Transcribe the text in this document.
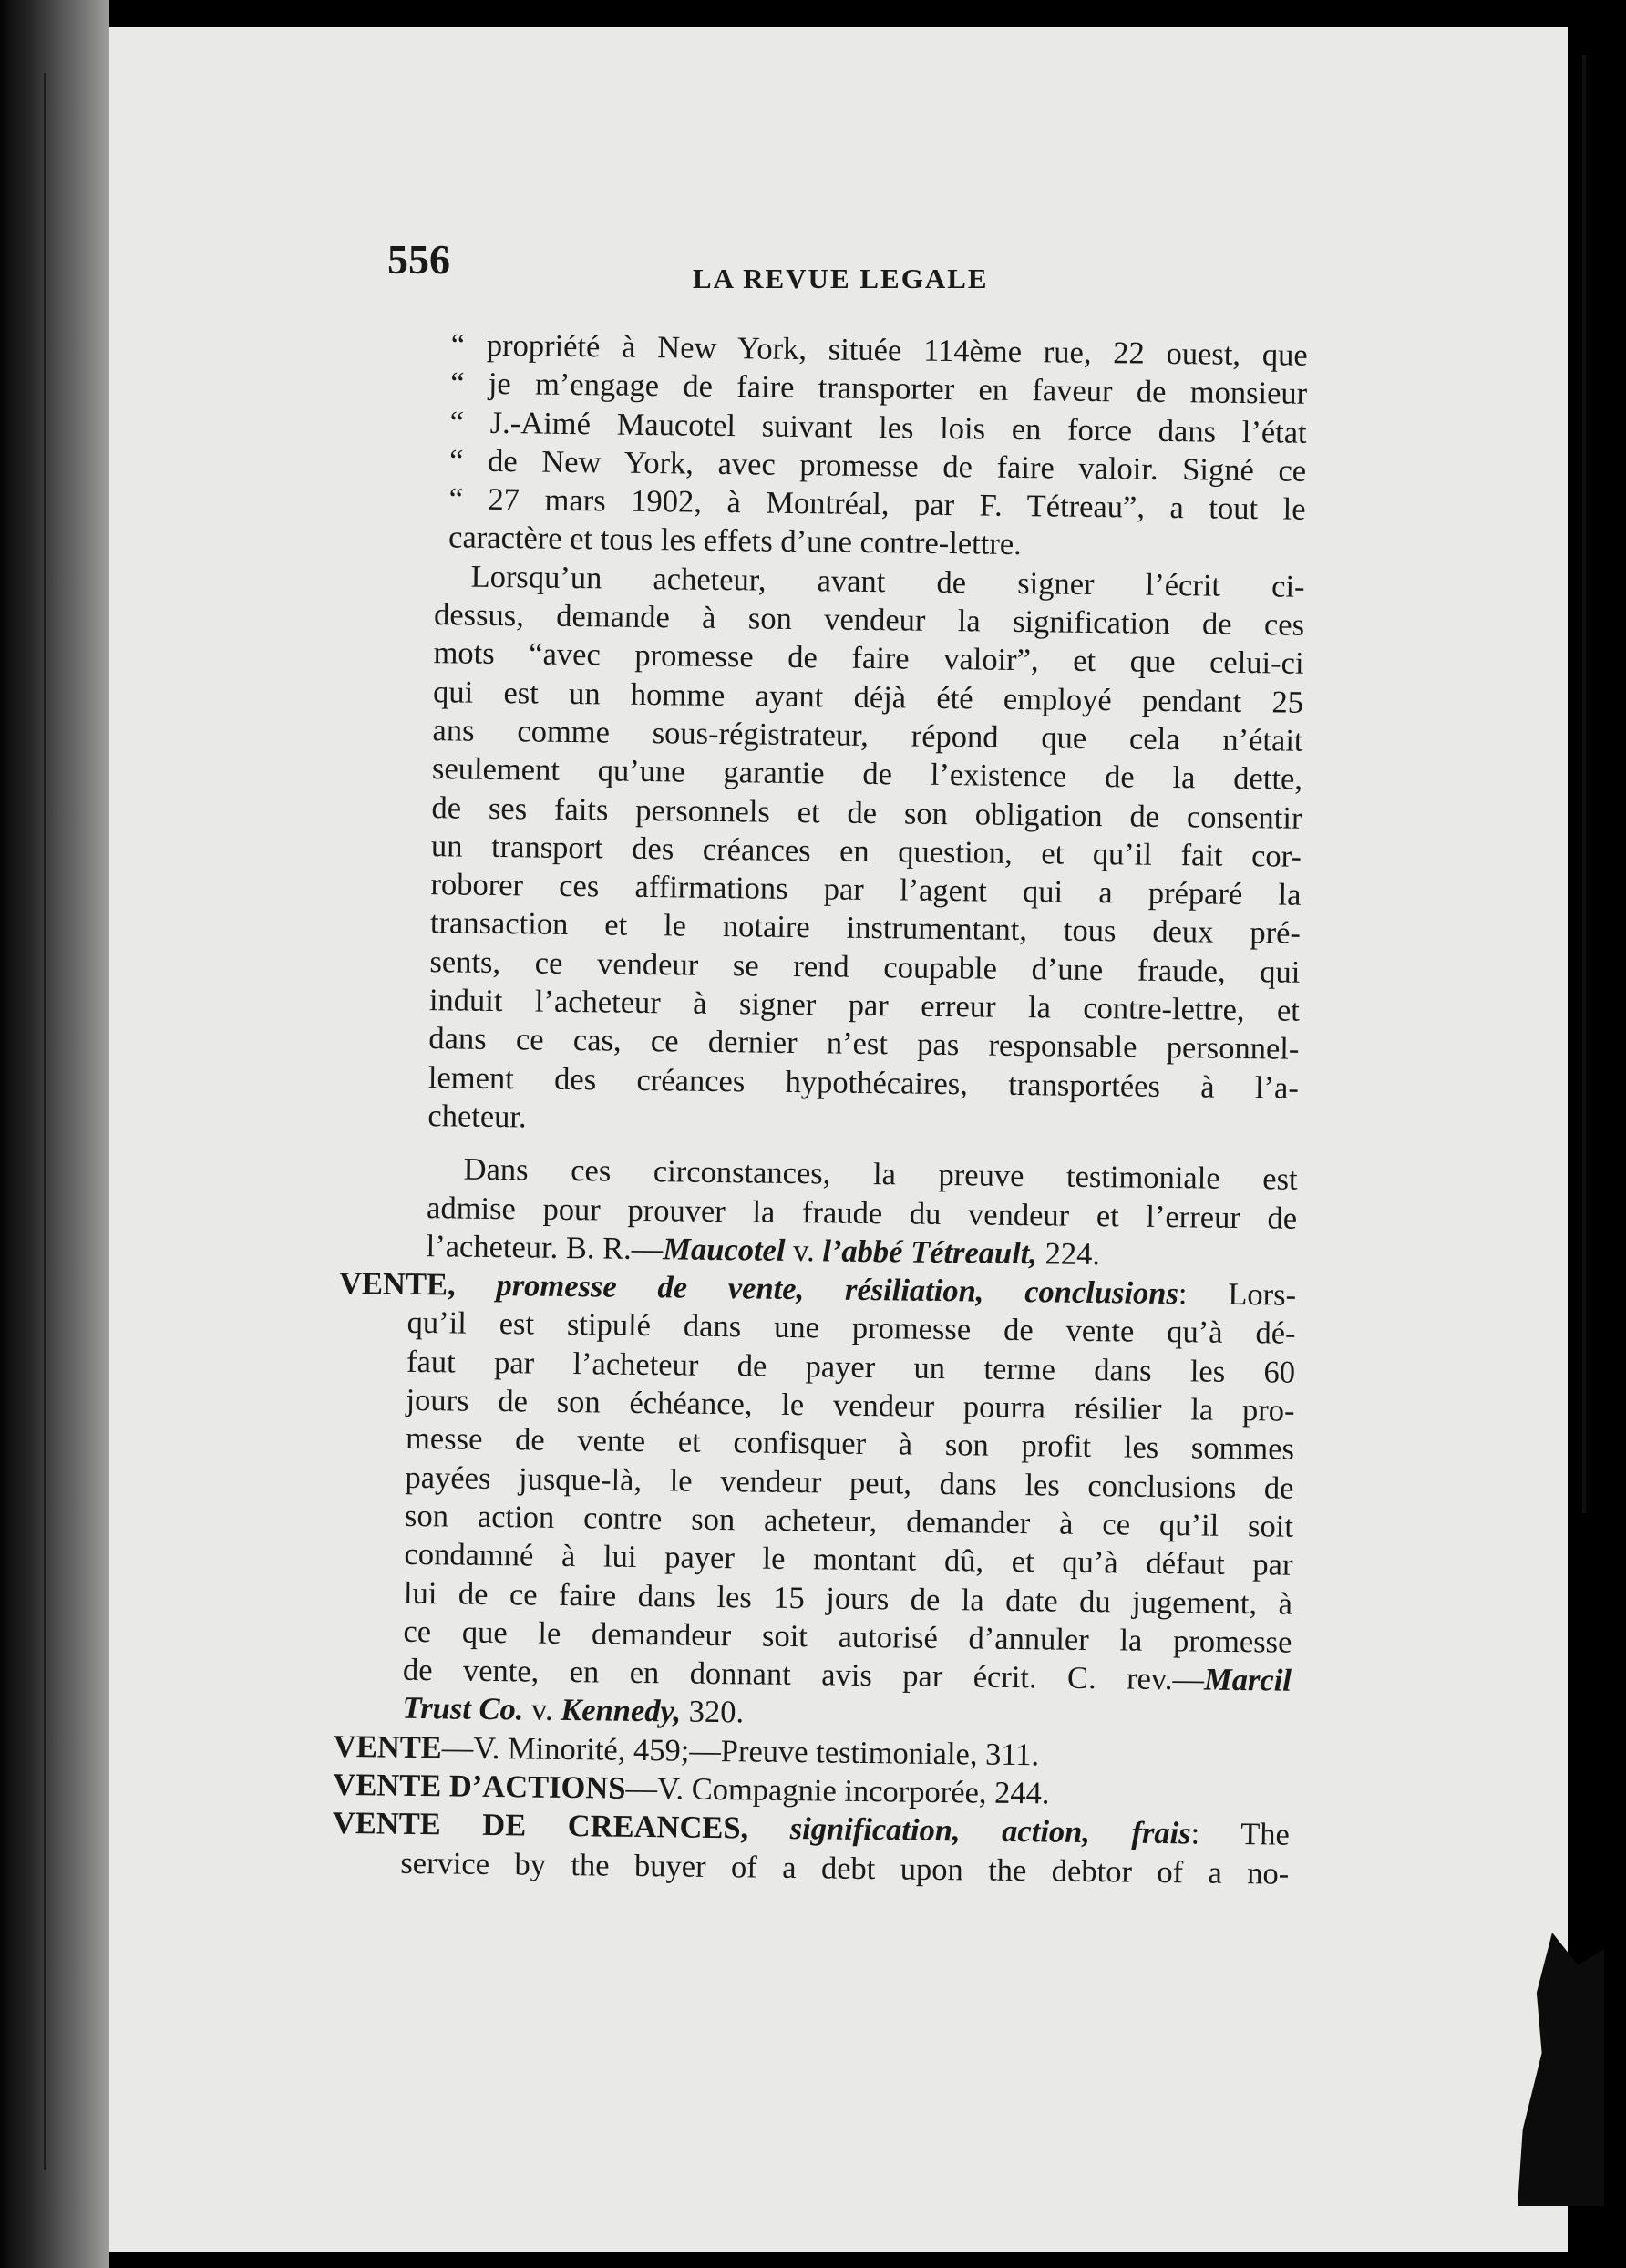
556	LA REVUE LEGALE
“ propriété à New York, située 114ème rue, 22 ouest, que
“ je m’engage de faire transporter en faveur de monsieur
“ J.-Aimé Maucotel suivant les lois en force dans l’état
“ de New York, avec promesse de faire valoir. Signé ce
“ 27 mars 1902, à Montréal, par F. Tétreau”, a tout le
caractère et tous les effets d’une contre-lettre.
Lorsqu’un acheteur, avant de signer l’écrit ci-
dessus, demande à son vendeur la signification de ces
mots “avec promesse de faire valoir”, et que celui-ci
qui est un homme ayant déjà été employé pendant 25
ans comme sous-régistrateur, répond que cela n’était
seulement qu’une garantie de l’existence de la dette,
de ses faits personnels et de son obligation de consentir
un transport des créances en question, et qu’il fait cor-
roborer ces affirmations par l’agent qui a préparé la
transaction et le notaire instrumentant, tous deux pré-
sents, ce vendeur se rend coupable d’une fraude, qui
induit l’acheteur à signer par erreur la contre-lettre, et
dans ce cas, ce dernier n’est pas responsable personnel-
lement des créances hypothécaires, transportées à l’a-
cheteur.
Dans ces circonstances, la preuve testimoniale est
admise pour prouver la fraude du vendeur et l’erreur de
l’acheteur. B. R.—Maucotel v. l’abbé Tétreault, 224.
VENTE, promesse de vente, résiliation, conclusions: Lors-
qu’il est stipulé dans une promesse de vente qu’à dé-
faut par l’acheteur de payer un terme dans les 60
jours de son échéance, le vendeur pourra résilier la pro-
messe de vente et confisquer à son profit les sommes
payées jusque-là, le vendeur peut, dans les conclusions de
son action contre son acheteur, demander à ce qu’il soit
condamné à lui payer le montant dû, et qu’à défaut par
lui de ce faire dans les 15 jours de la date du jugement, à
ce que le demandeur soit autorisé d’annuler la promesse
de vente, en en donnant avis par écrit. C. rev.—Marcil
Trust Co. v. Kennedy, 320.
VENTE—V. Minorité, 459;—Preuve testimoniale, 311.
VENTE D’ACTIONS—V. Compagnie incorporée, 244.
VENTE DE CREANCES, signification, action, frais: The
service by the buyer of a debt upon the debtor of a no-
